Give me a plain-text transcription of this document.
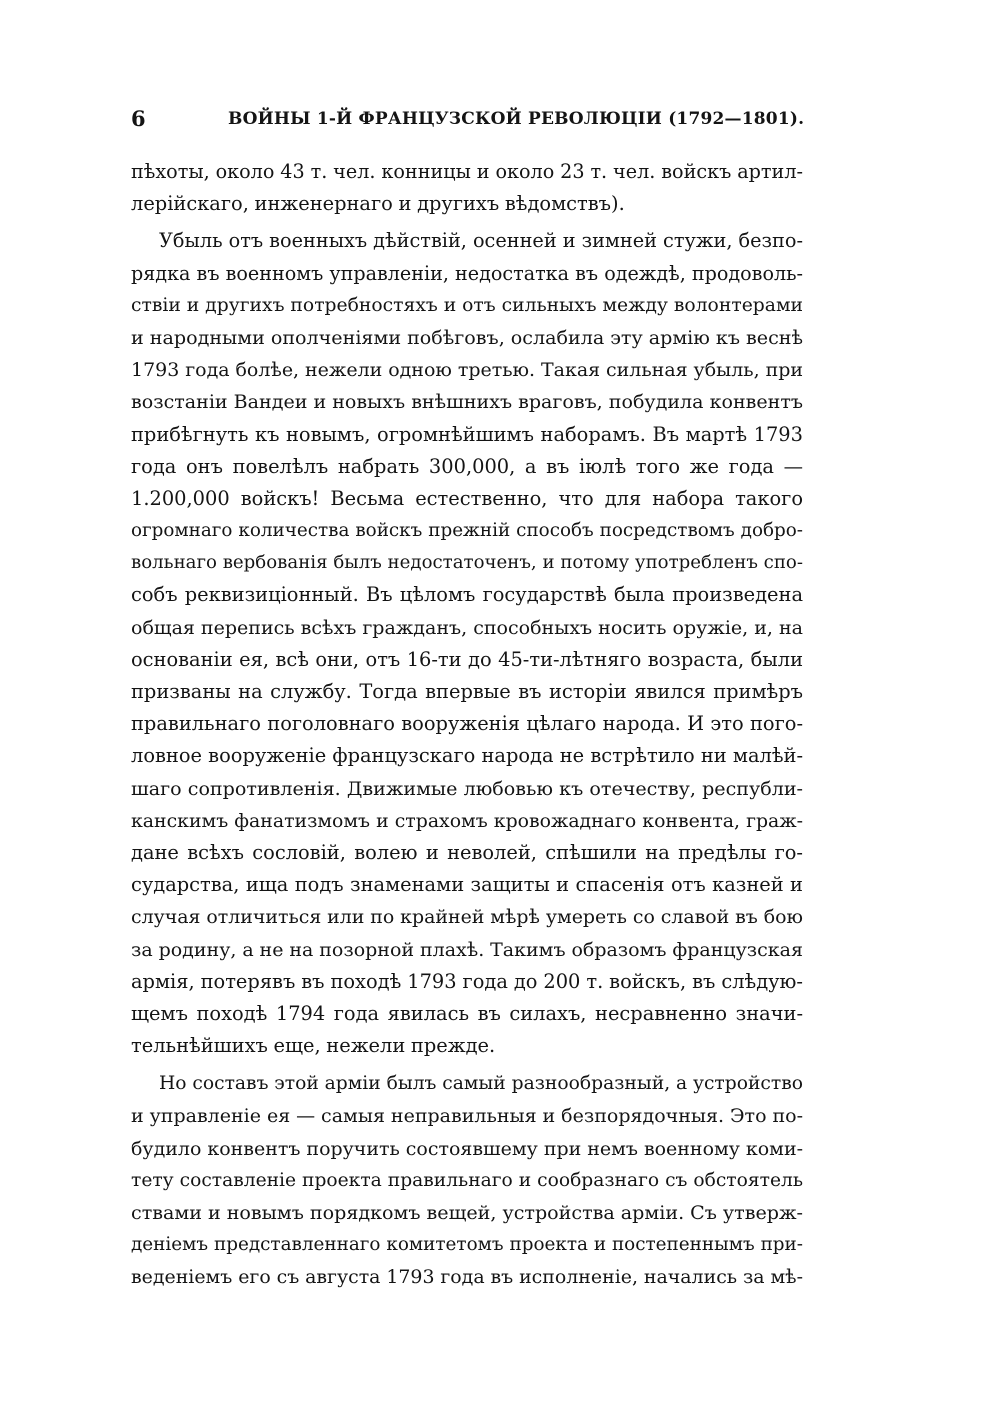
6	ВОЙНЫ 1-Й ФРАНЦУЗСКОЙ РЕВОЛЮЦІИ (1792—1801).

пѣхоты, около 43 т. чел. конницы и около 23 т. чел. войскъ артил-
лерійскаго, инженернаго и другихъ вѣдомствъ).

Убыль отъ военныхъ дѣйствій, осенней и зимней стужи, безпо-
рядка въ военномъ управленіи, недостатка въ одеждѣ, продоволь-
ствіи и другихъ потребностяхъ и отъ сильныхъ между волонтерами
и народными ополченіями побѣговъ, ослабила эту армію къ веснѣ
1793 года болѣе, нежели одною третью. Такая сильная убыль, при
возстаніи Вандеи и новыхъ внѣшнихъ враговъ, побудила конвентъ
прибѣгнуть къ новымъ, огромнѣйшимъ наборамъ. Въ мартѣ 1793
года онъ повелѣлъ набрать 300,000, а въ іюлѣ того же года —
1.200,000 войскъ! Весьма естественно, что для набора такого
огромнаго количества войскъ прежній способъ посредствомъ добро-
вольнаго вербованія былъ недостаточенъ, и потому употребленъ спо-
собъ реквизиціонный. Въ цѣломъ государствѣ была произведена
общая перепись всѣхъ гражданъ, способныхъ носить оружіе, и, на
основаніи ея, всѣ они, отъ 16-ти до 45-ти-лѣтняго возраста, были
призваны на службу. Тогда впервые въ исторіи явился примѣръ
правильнаго поголовнаго вооруженія цѣлаго народа. И это пого-
ловное вооруженіе французскаго народа не встрѣтило ни малѣй-
шаго сопротивленія. Движимые любовью къ отечеству, республи-
канскимъ фанатизмомъ и страхомъ кровожаднаго конвента, граж-
дане всѣхъ сословій, волею и неволей, спѣшили на предѣлы го-
сударства, ища подъ знаменами защиты и спасенія отъ казней и
случая отличиться или по крайней мѣрѣ умереть со славой въ бою
за родину, а не на позорной плахѣ. Такимъ образомъ французская
армія, потерявъ въ походѣ 1793 года до 200 т. войскъ, въ слѣдую-
щемъ походѣ 1794 года явилась въ силахъ, несравненно значи-
тельнѣйшихъ еще, нежели прежде.

Но составъ этой арміи былъ самый разнообразный, а устройство
и управленіе ея — самыя неправильныя и безпорядочныя. Это по-
будило конвентъ поручить состоявшему при немъ военному коми-
тету составленіе проекта правильнаго и сообразнаго съ обстоятель
ствами и новымъ порядкомъ вещей, устройства арміи. Съ утверж-
деніемъ представленнаго комитетомъ проекта и постепеннымъ при-
веденіемъ его съ августа 1793 года въ исполненіе, начались за мѣ-
